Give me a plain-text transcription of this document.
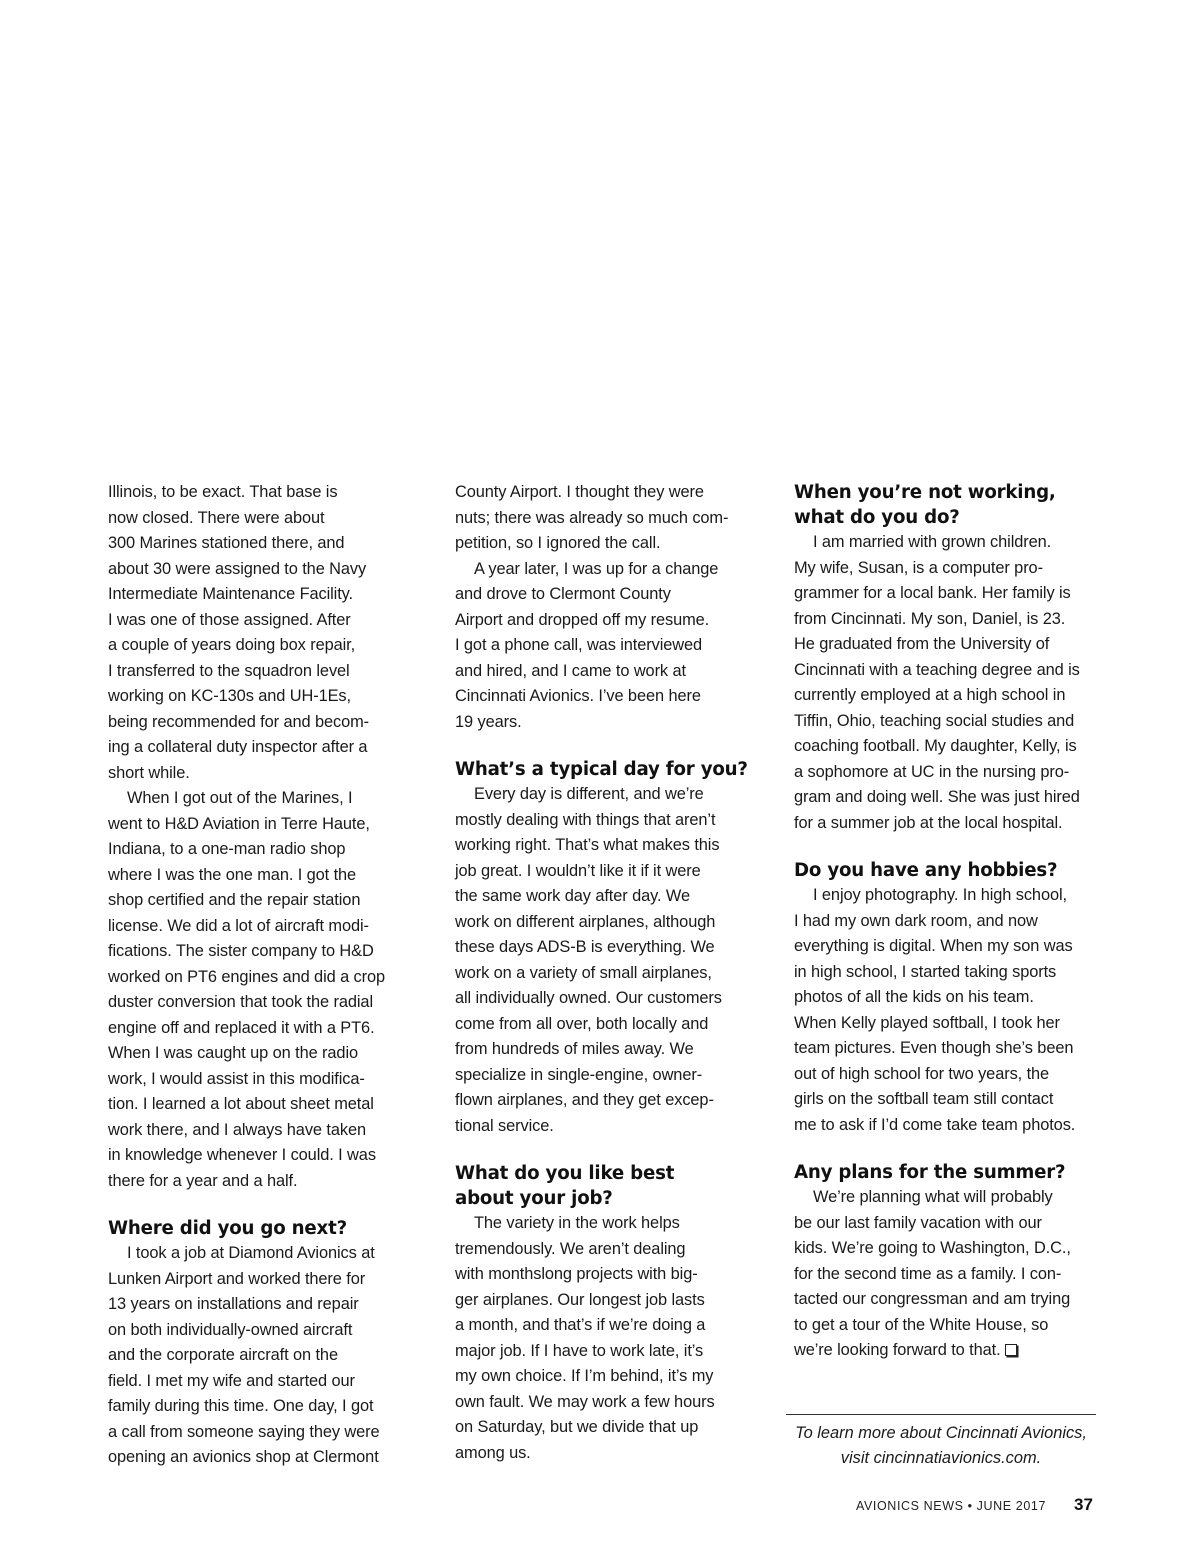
Illinois, to be exact. That base is
now closed. There were about
300 Marines stationed there, and
about 30 were assigned to the Navy
Intermediate Maintenance Facility.
I was one of those assigned. After
a couple of years doing box repair,
I transferred to the squadron level
working on KC-130s and UH-1Es,
being recommended for and becom-
ing a collateral duty inspector after a
short while.
When I got out of the Marines, I
went to H&D Aviation in Terre Haute,
Indiana, to a one-man radio shop
where I was the one man. I got the
shop certified and the repair station
license. We did a lot of aircraft modi-
fications. The sister company to H&D
worked on PT6 engines and did a crop
duster conversion that took the radial
engine off and replaced it with a PT6.
When I was caught up on the radio
work, I would assist in this modifica-
tion. I learned a lot about sheet metal
work there, and I always have taken
in knowledge whenever I could. I was
there for a year and a half.
Where did you go next?
I took a job at Diamond Avionics at
Lunken Airport and worked there for
13 years on installations and repair
on both individually-owned aircraft
and the corporate aircraft on the
field. I met my wife and started our
family during this time. One day, I got
a call from someone saying they were
opening an avionics shop at Clermont
County Airport. I thought they were
nuts; there was already so much com-
petition, so I ignored the call.
A year later, I was up for a change
and drove to Clermont County
Airport and dropped off my resume.
I got a phone call, was interviewed
and hired, and I came to work at
Cincinnati Avionics. I’ve been here
19 years.
What’s a typical day for you?
Every day is different, and we’re
mostly dealing with things that aren’t
working right. That’s what makes this
job great. I wouldn’t like it if it were
the same work day after day. We
work on different airplanes, although
these days ADS-B is everything. We
work on a variety of small airplanes,
all individually owned. Our customers
come from all over, both locally and
from hundreds of miles away. We
specialize in single-engine, owner-
flown airplanes, and they get excep-
tional service.
What do you like best
about your job?
The variety in the work helps
tremendously. We aren’t dealing
with monthslong projects with big-
ger airplanes. Our longest job lasts
a month, and that’s if we’re doing a
major job. If I have to work late, it’s
my own choice. If I’m behind, it’s my
own fault. We may work a few hours
on Saturday, but we divide that up
among us.
When you’re not working,
what do you do?
I am married with grown children.
My wife, Susan, is a computer pro-
grammer for a local bank. Her family is
from Cincinnati. My son, Daniel, is 23.
He graduated from the University of
Cincinnati with a teaching degree and is
currently employed at a high school in
Tiffin, Ohio, teaching social studies and
coaching football. My daughter, Kelly, is
a sophomore at UC in the nursing pro-
gram and doing well. She was just hired
for a summer job at the local hospital.
Do you have any hobbies?
I enjoy photography. In high school,
I had my own dark room, and now
everything is digital. When my son was
in high school, I started taking sports
photos of all the kids on his team.
When Kelly played softball, I took her
team pictures. Even though she’s been
out of high school for two years, the
girls on the softball team still contact
me to ask if I’d come take team photos.
Any plans for the summer?
We’re planning what will probably
be our last family vacation with our
kids. We’re going to Washington, D.C.,
for the second time as a family. I con-
tacted our congressman and am trying
to get a tour of the White House, so
we’re looking forward to that.
To learn more about Cincinnati Avionics,
visit cincinnatiavionics.com.
AVIONICS NEWS • JUNE 2017 37
